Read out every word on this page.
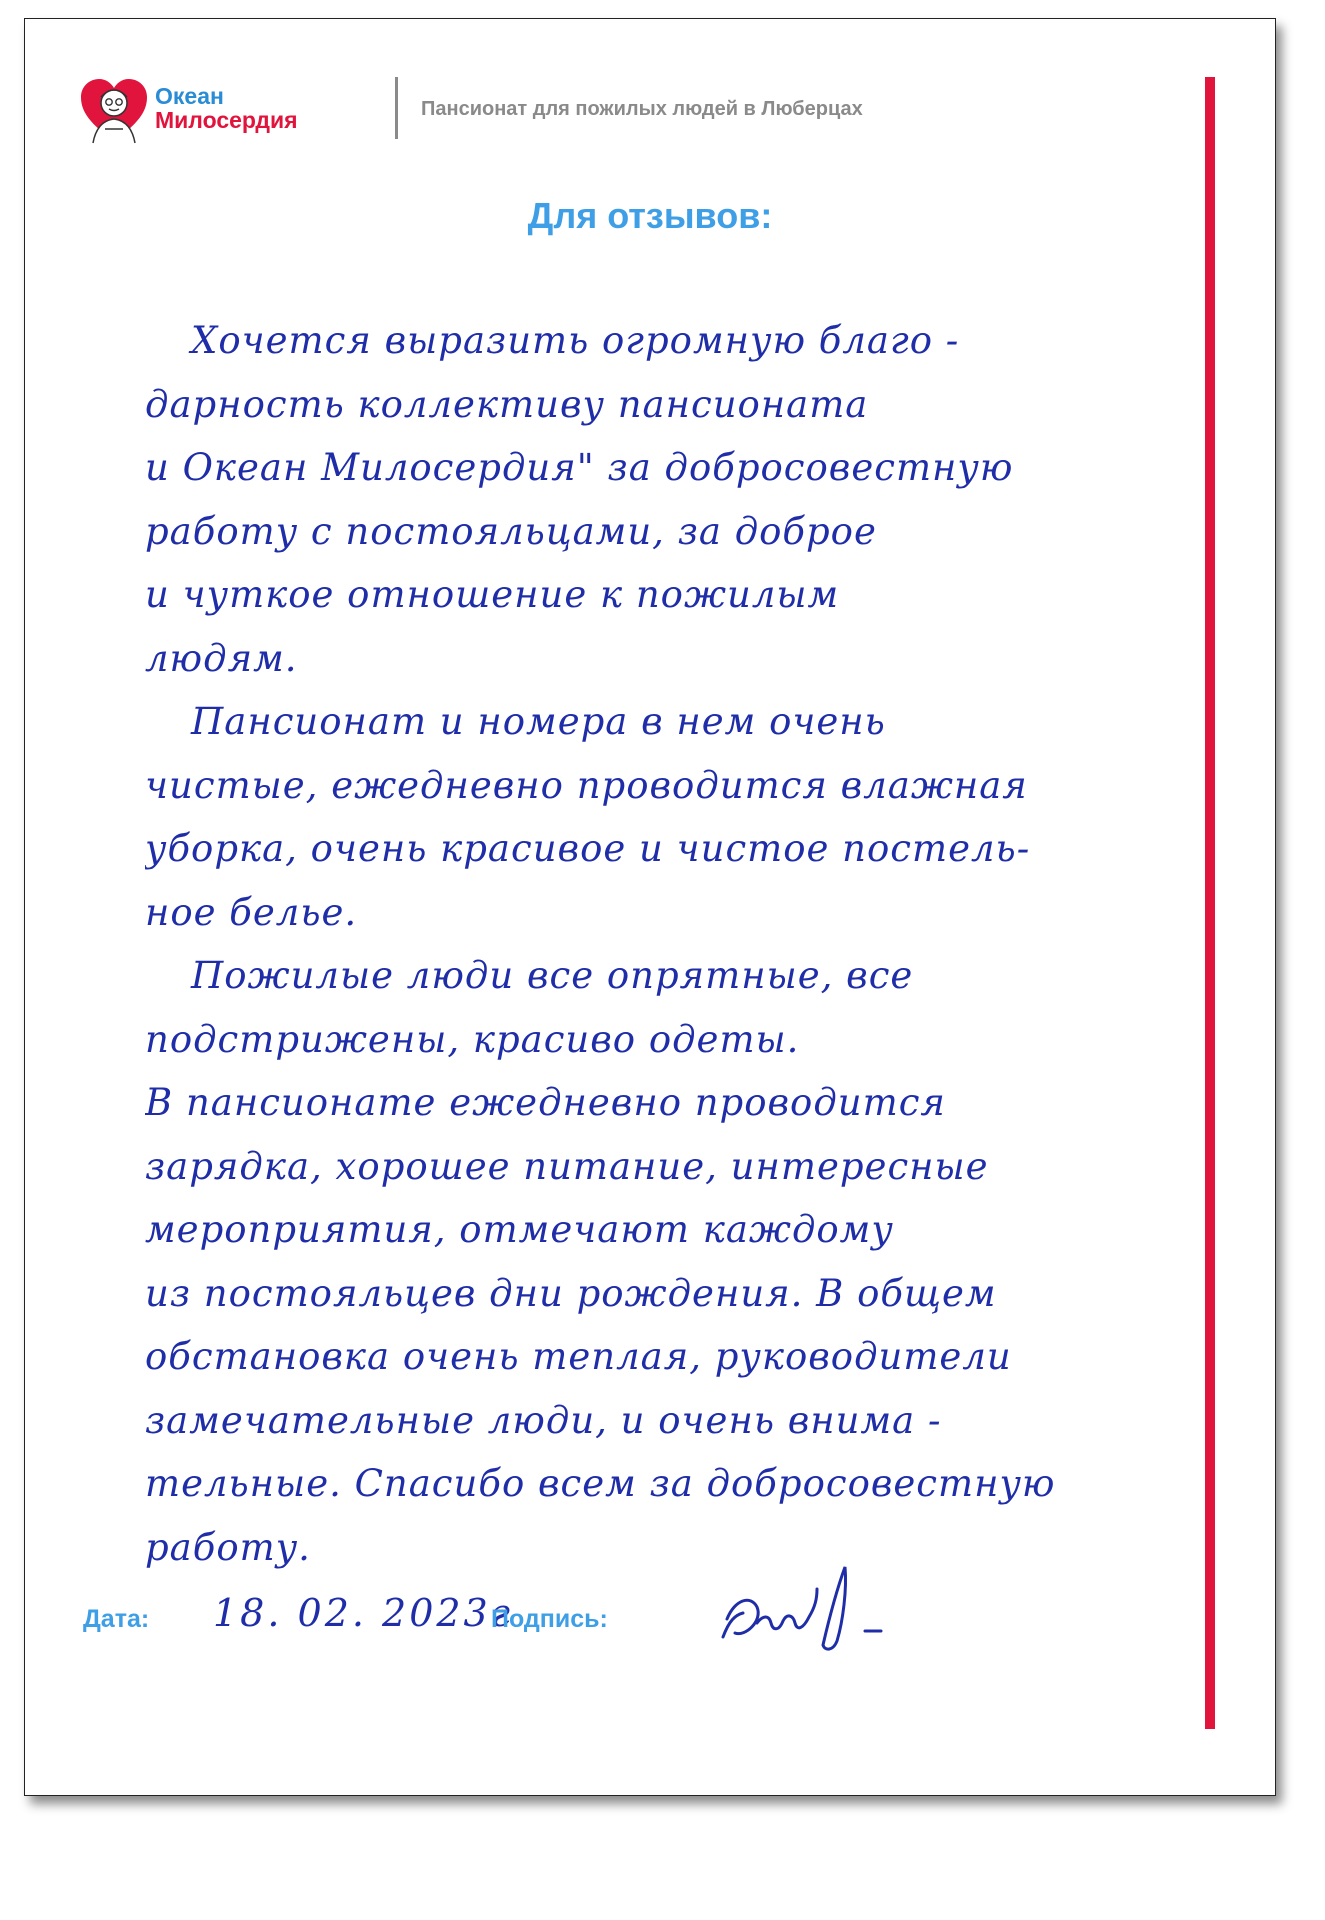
Океан
Милосердия	Пансионат для пожилых людей в Люберцах
Для отзывов:
Хочется выразить огромную благо -
дарность коллективу пансионата
и Океан Милосердия" за добросовестную
работу с постояльцами, за доброе
и чуткое отношение к пожилым
людям.
Пансионат и номера в нем очень
чистые, ежедневно проводится влажная
уборка, очень красивое и чистое постель-
ное белье.
Пожилые люди все опрятные, все
подстрижены, красиво одеты.
В пансионате ежедневно проводится
зарядка, хорошее питание, интересные
мероприятия, отмечают каждому
из постояльцев дни рождения. В общем
обстановка очень теплая, руководители
замечательные люди, и очень внима -
тельные. Спасибо всем за добросовестную
работу.
Дата: 18. 02. 2023г
Подпись:
